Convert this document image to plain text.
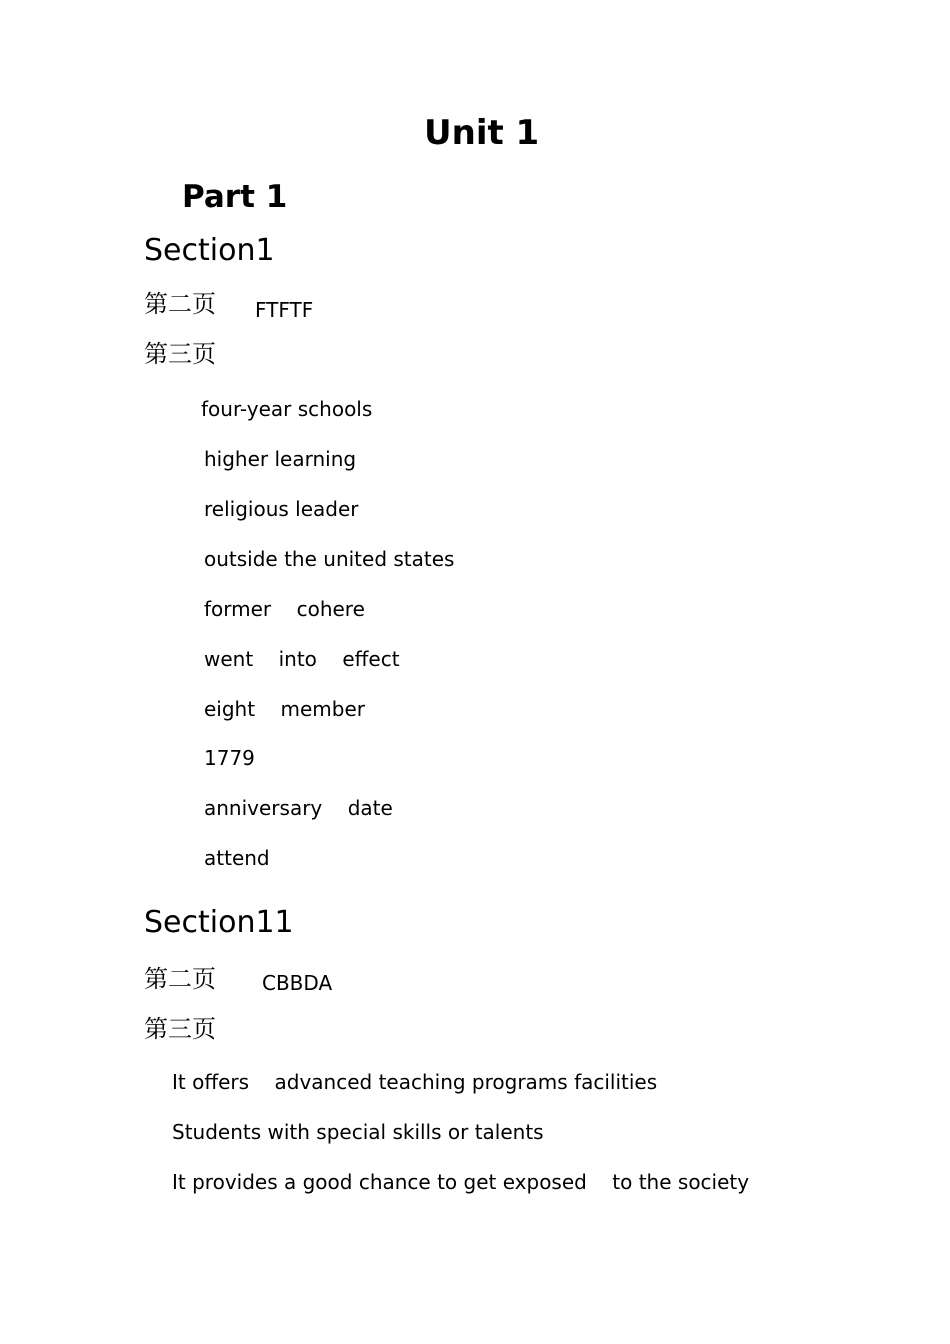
Unit 1
Part 1
Section1
第二页 FTFTF
第三页
four-year schools
higher learning
religious leader
outside the united states
former    cohere
went    into    effect
eight    member
1779
anniversary    date
attend
Section11
第二页 CBBDA
第三页
It offers    advanced teaching programs facilities
Students with special skills or talents
It provides a good chance to get exposed    to the society
